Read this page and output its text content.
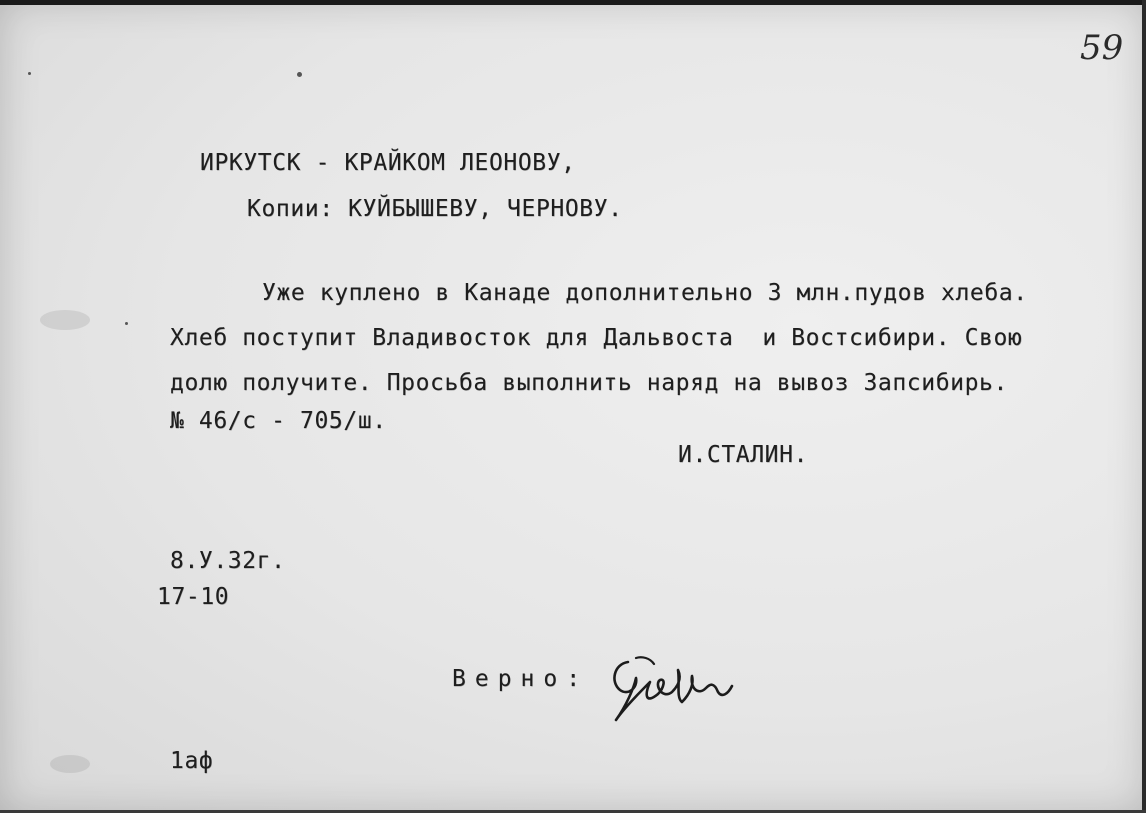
59
ИРКУТСК - КРАЙКОМ ЛЕОНОВУ,
Копии: КУЙБЫШЕВУ, ЧЕРНОВУ.
Уже куплено в Канаде дополнительно 3 млн.пудов хлеба.
Хлеб поступит Владивосток для Дальвоста  и Востсибири. Свою
долю получите. Просьба выполнить наряд на вывоз Запсибирь.
№ 46/с - 705/ш.
И.СТАЛИН.
8.У.32г.
17-10
Верно:
1аф
